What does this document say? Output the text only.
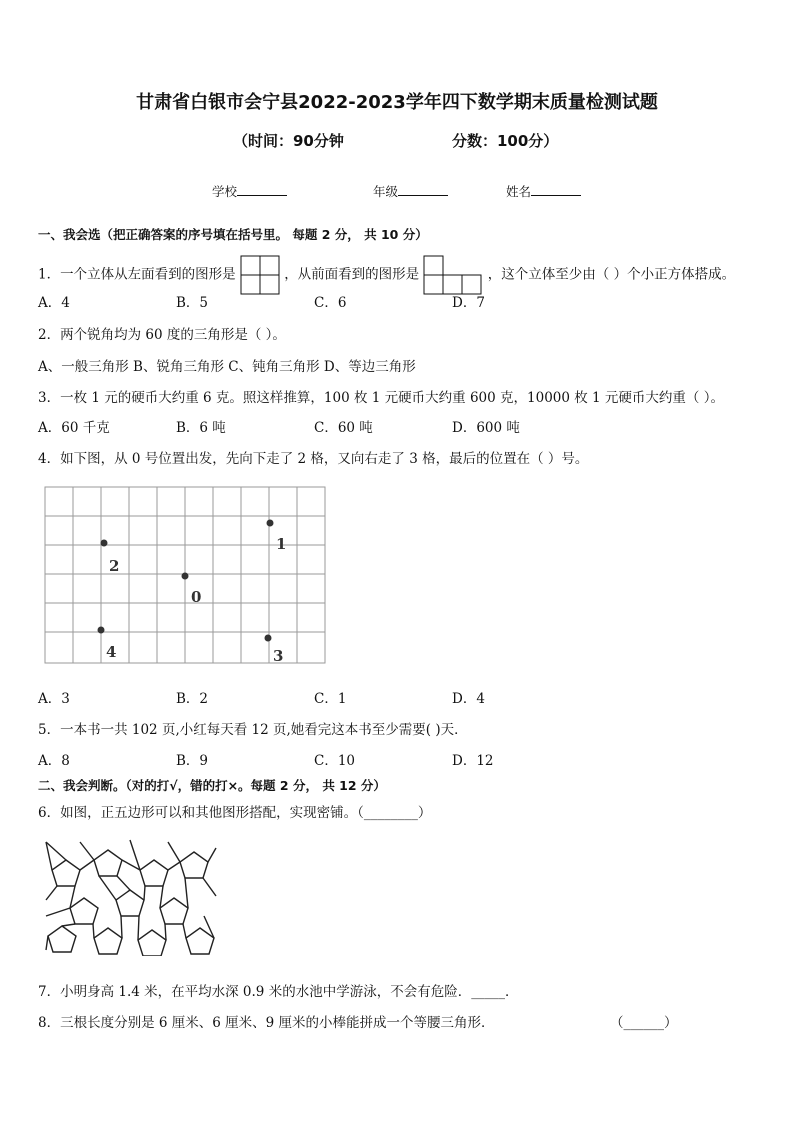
甘肃省白银市会宁县2022-2023学年四下数学期末质量检测试题
（时间：90分钟	分数：100分）
学校	年级	姓名
一、我会选（把正确答案的序号填在括号里。 每题 2 分， 共 10 分）
1．一个立体从左面看到的图形是	，从前面看到的图形是	，这个立体至少由（ ）个小正方体搭成。
A．4	B．5	C．6	D．7
2．两个锐角均为 60 度的三角形是（ ）。
A、一般三角形 B、锐角三角形 C、钝角三角形 D、等边三角形
3．一枚 1 元的硬币大约重 6 克。照这样推算，100 枚 1 元硬币大约重 600 克，10000 枚 1 元硬币大约重（ ）。
A．60 千克	B．6 吨	C．60 吨	D．600 吨
4．如下图，从 0 号位置出发，先向下走了 2 格，又向右走了 3 格，最后的位置在（ ）号。
1
2
0
4	3
A．3	B．2	C．1	D．4
5．一本书一共 102 页,小红每天看 12 页,她看完这本书至少需要( )天．
A．8	B．9	C．10	D．12
二、我会判断。（对的打√，错的打×。每题 2 分， 共 12 分）
6．如图，正五边形可以和其他图形搭配，实现密铺。（________）
7．小明身高 1.4 米，在平均水深 0.9 米的水池中学游泳，不会有危险．_____．
8．三根长度分别是 6 厘米、6 厘米、9 厘米的小棒能拼成一个等腰三角形．	（______）
